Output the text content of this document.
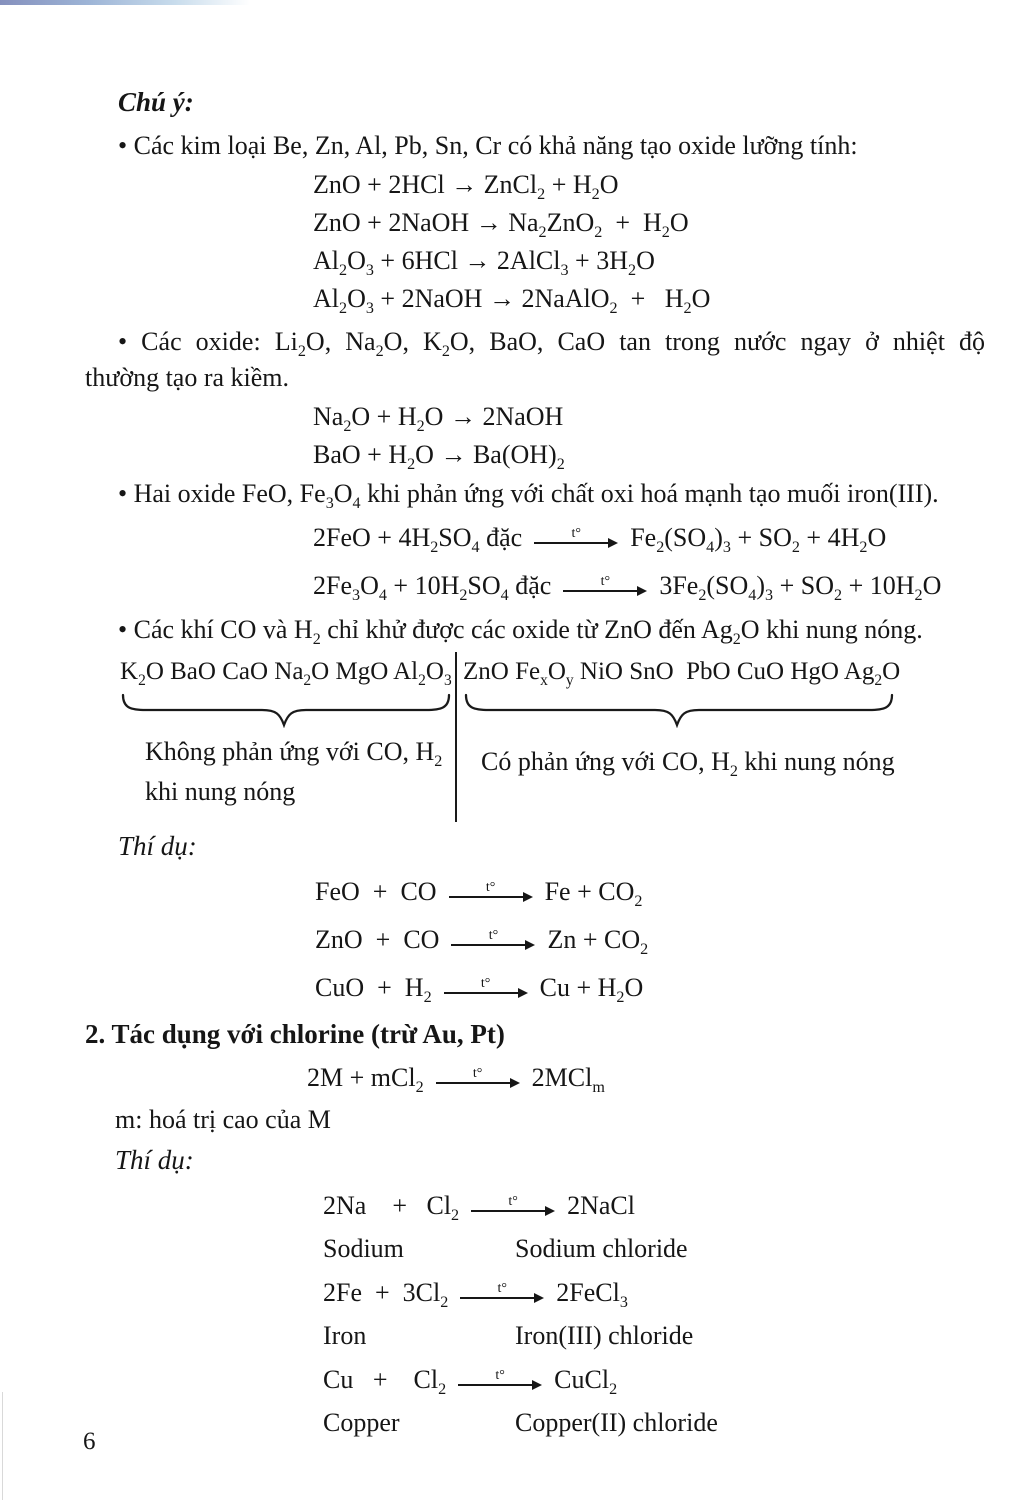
Chú ý:

• Các kim loại Be, Zn, Al, Pb, Sn, Cr có khả năng tạo oxide lưỡng tính:
ZnO + 2HCl → ZnCl$_2$ + $H_2O$
ZnO + 2NaOH → $Na_2ZnO_2 + H_2O$
$Al_2O_3 + 6HCl$ → 2AlCl$_3$ + $3H_2O$
$Al_2O_3$ + 2NaOH → 2NaAlO$_2$  +   $H_2O$
• Các oxide: $Li_2O$, $Na_2O$, $K_2O$, BaO, CaO tan trong nước ngay ở nhiệt độ
thường tạo ra kiềm.
$Na_2O + H_2O$ → 2NaOH
BaO + $H_2O \to Ba(OH)_2$
• Hai oxide FeO, $Fe_3O_4$ khi phản ứng với chất oxi hoá mạnh tạo muối iron(III).
$2FeO + 4H_2SO_4$ đặc	t° $Fe_2(SO_4)_3 + SO_2 + 4H_2O$
$2Fe_3O_4 + 10H_2SO_4$ đặc	t° $3Fe_2(SO_4)_3 + SO_2 + 10H_2O$
• Các khí CO và $H_2$ chỉ khử được các oxide từ ZnO đến $Ag_2O$ khi nung nóng.
$K_2O$ BaO CaO $Na_2O$ MgO $Al_2O_3$
Không phản ứng với CO, $H_2$
khi nung nóng
ZnO $Fe_xO_y$ NiO SnO  PbO CuO HgO $Ag_2O$
Có phản ứng với CO, $H_2$ khi nung nóng

Thí dụ:

FeO  +  CO	t° $Fe + CO_2$
ZnO  +  CO	t° $Zn + CO_2$
CuO  +  $H_2$
t° $Cu + H_2O$

2. Tác dụng với chlorine (trừ Au, Pt)

2M + mCl$_2$
t° 2MCl$_m$
m: hoá trị cao của M

Thí dụ:

2Na    +   $Cl_2$
t° 2NaCl
Sodium	Sodium chloride
$2Fe + 3Cl_2$
t° 2FeCl$_3$
Iron	Iron(III) chloride
Cu   +    $Cl_2$
t° CuCl$_2$
Copper	Copper(II) chloride
6
